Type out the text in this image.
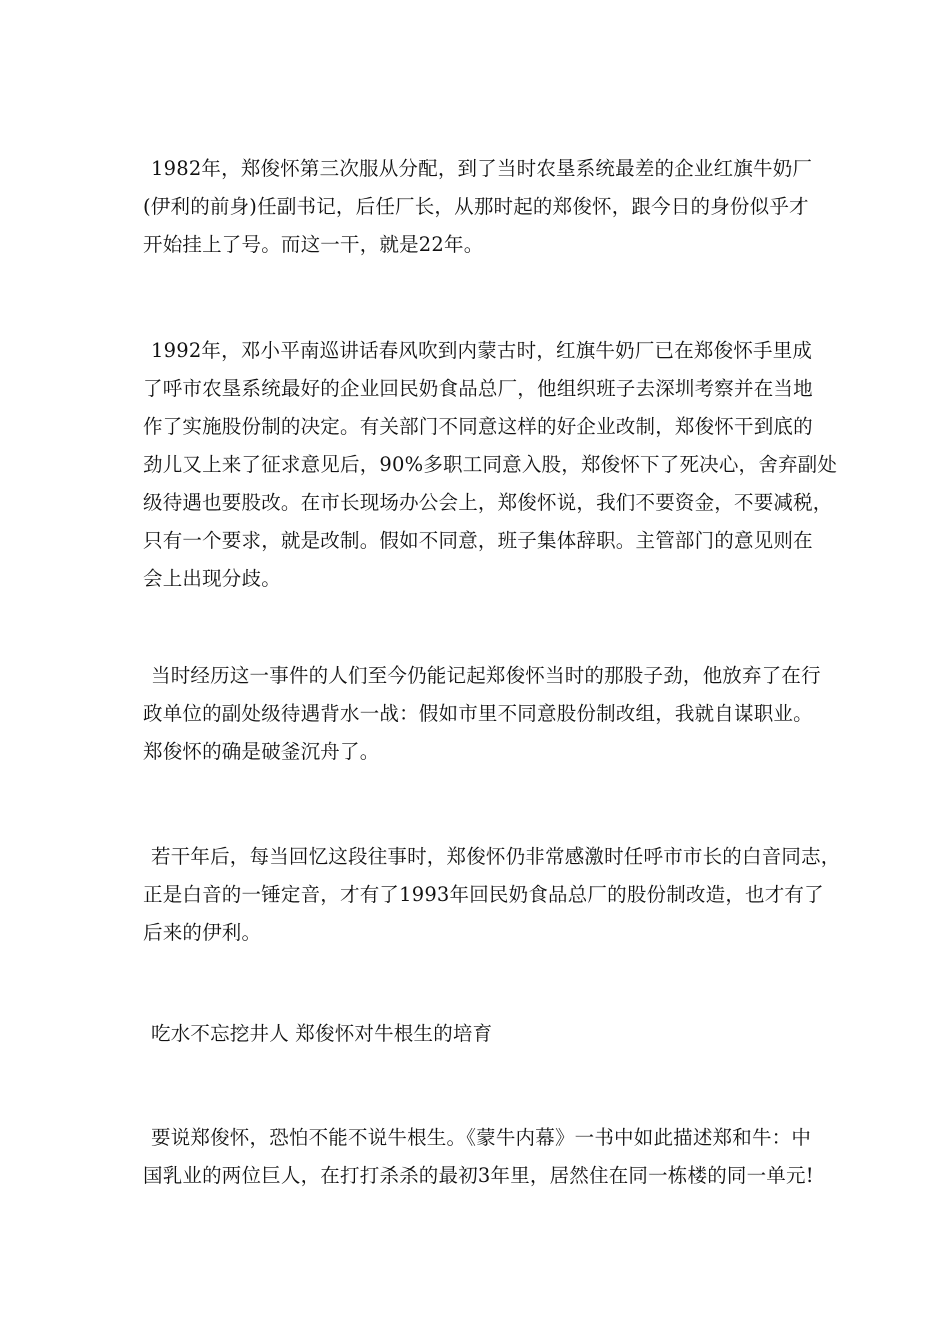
1982年，郑俊怀第三次服从分配，到了当时农垦系统最差的企业红旗牛奶厂
(伊利的前身)任副书记，后任厂长，从那时起的郑俊怀，跟今日的身份似乎才
开始挂上了号。而这一干，就是22年。

1992年，邓小平南巡讲话春风吹到内蒙古时，红旗牛奶厂已在郑俊怀手里成
了呼市农垦系统最好的企业回民奶食品总厂，他组织班子去深圳考察并在当地
作了实施股份制的决定。有关部门不同意这样的好企业改制，郑俊怀干到底的
劲儿又上来了征求意见后，90%多职工同意入股，郑俊怀下了死决心，舍弃副处
级待遇也要股改。在市长现场办公会上，郑俊怀说，我们不要资金，不要减税，
只有一个要求，就是改制。假如不同意，班子集体辞职。主管部门的意见则在
会上出现分歧。

当时经历这一事件的人们至今仍能记起郑俊怀当时的那股子劲，他放弃了在行
政单位的副处级待遇背水一战：假如市里不同意股份制改组，我就自谋职业。
郑俊怀的确是破釜沉舟了。

若干年后，每当回忆这段往事时，郑俊怀仍非常感激时任呼市市长的白音同志，
正是白音的一锤定音，才有了1993年回民奶食品总厂的股份制改造，也才有了
后来的伊利。

吃水不忘挖井人 郑俊怀对牛根生的培育

要说郑俊怀，恐怕不能不说牛根生。《蒙牛内幕》一书中如此描述郑和牛：中
国乳业的两位巨人，在打打杀杀的最初3年里，居然住在同一栋楼的同一单元!
